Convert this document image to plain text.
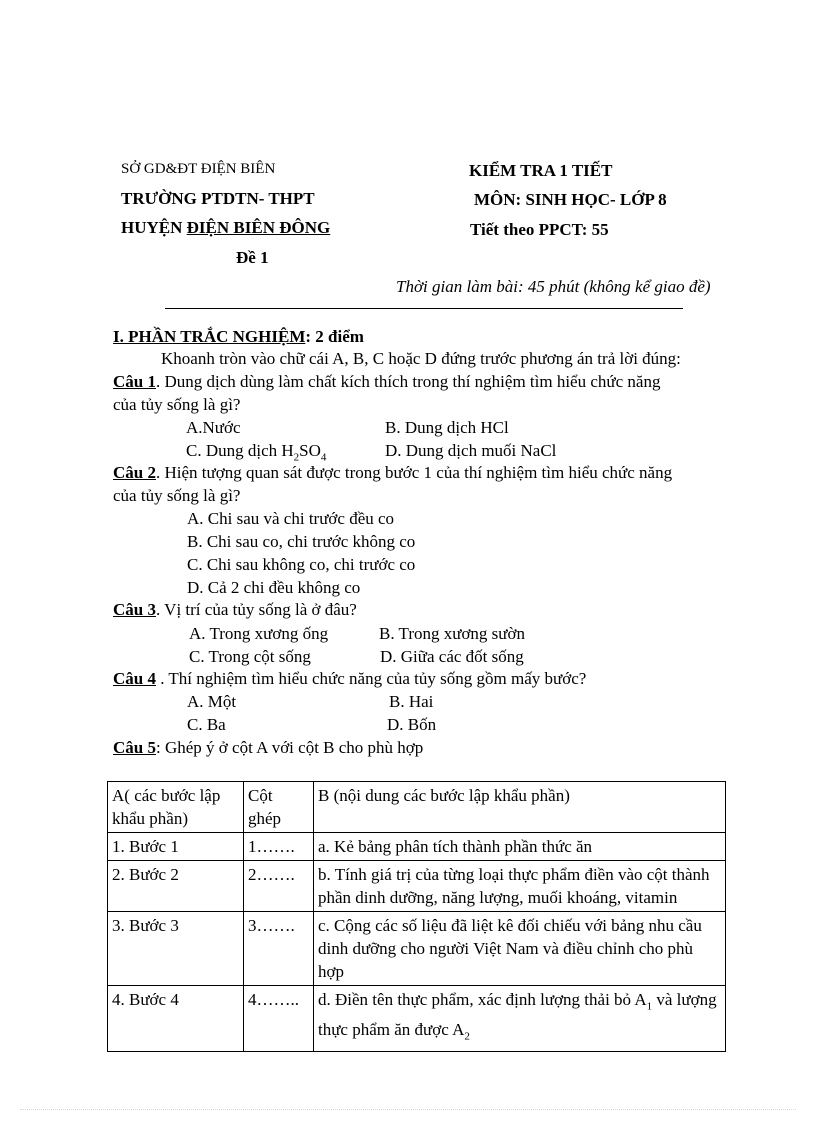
SỞ GD&ĐT ĐIỆN BIÊN
TRƯỜNG PTDTN- THPT
HUYỆN ĐIỆN BIÊN ĐÔNG
Đề 1
KIỂM TRA 1 TIẾT
MÔN: SINH HỌC- LỚP 8
Tiết theo PPCT: 55
Thời gian làm bài: 45 phút (không kể giao đề)
I. PHẦN TRẮC NGHIỆM: 2 điểm
Khoanh tròn vào chữ cái A, B, C hoặc D đứng trước phương án trả lời đúng:
Câu 1. Dung dịch dùng làm chất kích thích trong thí nghiệm tìm hiểu chức năng
của tủy sống là gì?
A.Nước	B. Dung dịch HCl
C. Dung dịch $H_2SO_4$	D. Dung dịch muối NaCl
Câu 2. Hiện tượng quan sát được trong bước 1 của thí nghiệm tìm hiểu chức năng
của tủy sống là gì?
A. Chi sau và chi trước đều co
B. Chi sau co, chi trước không co
C. Chi sau không co, chi trước co
D. Cả 2 chi đều không co
Câu 3. Vị trí của tủy sống là ở đâu?
A. Trong xương ống	B. Trong xương sườn
C. Trong cột sống	D. Giữa các đốt sống
Câu 4 . Thí nghiệm tìm hiểu chức năng của tủy sống gồm mấy bước?
A. Một	B. Hai
C. Ba	D. Bốn
Câu 5: Ghép ý ở cột A với cột B cho phù hợp
A( các bước lập khẩu phần)	Cột ghép	B (nội dung các bước lập khẩu phần)
1. Bước 1	1…….	a. Kẻ bảng phân tích thành phần thức ăn
2. Bước 2	2…….	b. Tính giá trị của từng loại thực phẩm điền vào cột thành phần dinh dưỡng, năng lượng, muối khoáng, vitamin
3. Bước 3	3…….	c. Cộng các số liệu đã liệt kê đối chiếu với bảng nhu cầu dinh dưỡng cho người Việt Nam và điều chỉnh cho phù hợp
4. Bước 4	4……..	d. Điền tên thực phẩm, xác định lượng thải bỏ $A_1$ và lượng thực phẩm ăn được $A_2$
